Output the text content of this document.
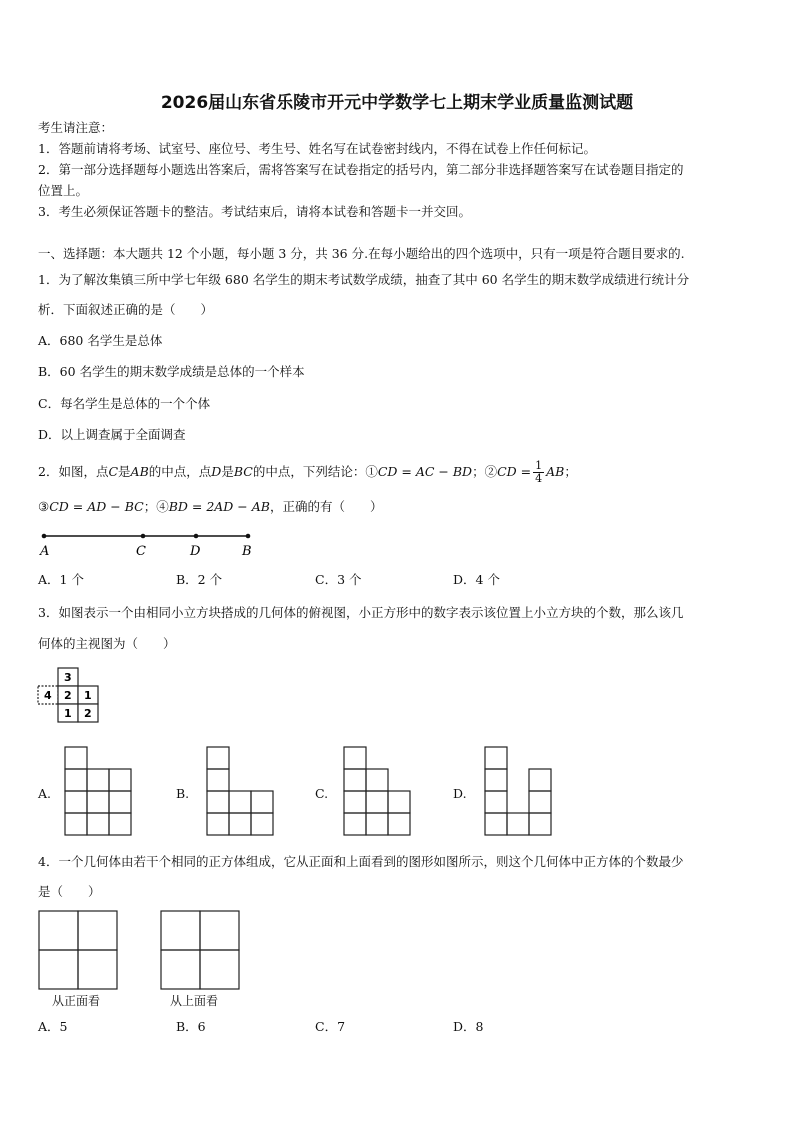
2026届山东省乐陵市开元中学数学七上期末学业质量监测试题
考生请注意：
1．答题前请将考场、试室号、座位号、考生号、姓名写在试卷密封线内，不得在试卷上作任何标记。
2．第一部分选择题每小题选出答案后，需将答案写在试卷指定的括号内，第二部分非选择题答案写在试卷题目指定的
位置上。
3．考生必须保证答题卡的整洁。考试结束后，请将本试卷和答题卡一并交回。
一、选择题：本大题共 12 个小题，每小题 3 分，共 36 分.在每小题给出的四个选项中，只有一项是符合题目要求的.
1．为了解汝集镇三所中学七年级 680 名学生的期末考试数学成绩，抽查了其中 60 名学生的期末数学成绩进行统计分
析．下面叙述正确的是（　　）
A．680 名学生是总体
B．60 名学生的期末数学成绩是总体的一个样本
C．每名学生是总体的一个个体
D．以上调查属于全面调查
2．如图，点C是AB的中点，点D是BC的中点，下列结论：①CD = AC − BD；②CD = $\frac{1}{4}$ AB；
③CD = AD − BC；④BD = 2AD − AB，正确的有（　　）
A	C	D	B
A．1 个	B．2 个	C．3 个	D．4 个
3．如图表示一个由相同小立方块搭成的几何体的俯视图，小正方形中的数字表示该位置上小立方块的个数，那么该几
何体的主视图为（　　）
3
4 2 1
1 2
A.	B.	C.	D.
4．一个几何体由若干个相同的正方体组成，它从正面和上面看到的图形如图所示，则这个几何体中正方体的个数最少
是（　　）
从正面看	从上面看
A．5	B．6	C．7	D．8
